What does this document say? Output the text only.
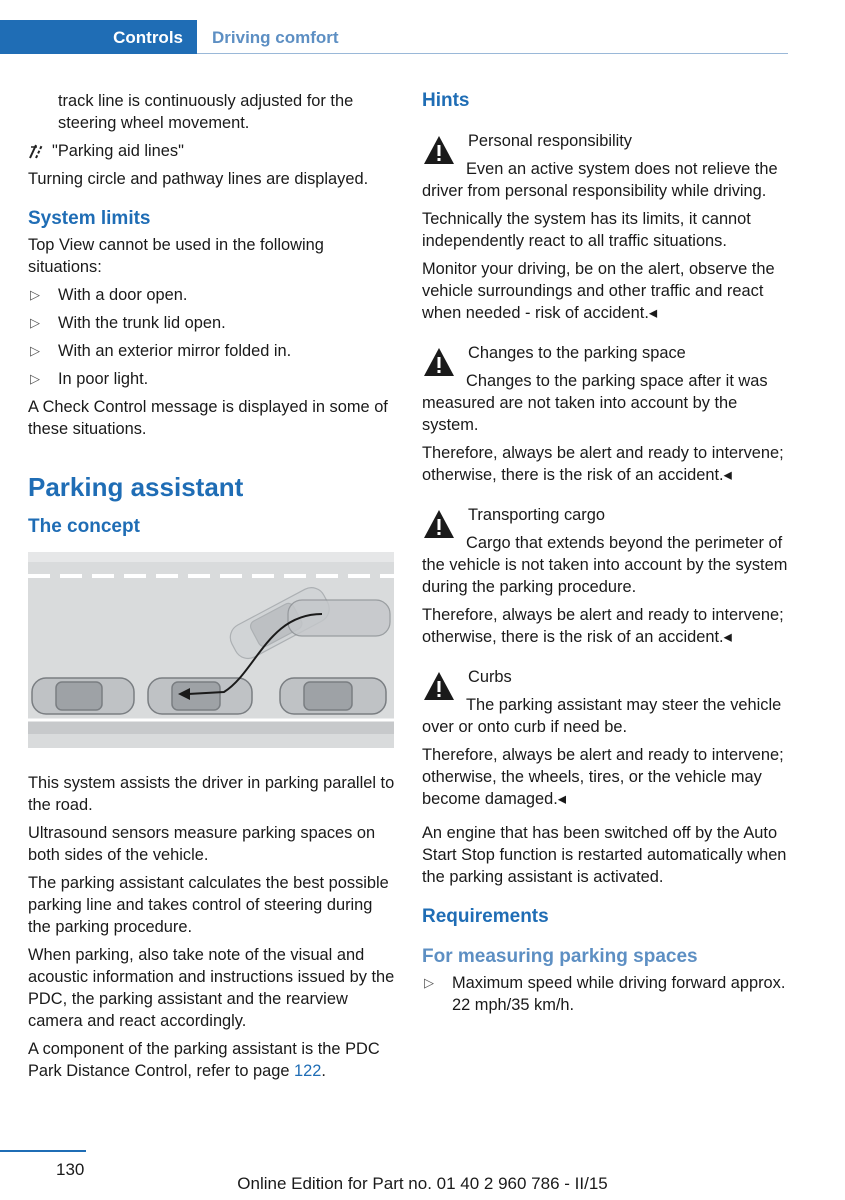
Controls Driving comfort

track line is continuously adjusted for the steering wheel movement.

"Parking aid lines"

Turning circle and pathway lines are displayed.

System limits

Top View cannot be used in the following situations:

▷ With a door open.
▷ With the trunk lid open.
▷ With an exterior mirror folded in.
▷ In poor light.

A Check Control message is displayed in some of these situations.

Parking assistant
The concept

This system assists the driver in parking parallel to the road.

Ultrasound sensors measure parking spaces on both sides of the vehicle.

The parking assistant calculates the best possible parking line and takes control of steering during the parking procedure.

When parking, also take note of the visual and acoustic information and instructions issued by the PDC, the parking assistant and the rearview camera and react accordingly.

A component of the parking assistant is the PDC Park Distance Control, refer to page 122.

Hints
Personal responsibility
Even an active system does not relieve the driver from personal responsibility while driving.

Technically the system has its limits, it cannot independently react to all traffic situations.

Monitor your driving, be on the alert, observe the vehicle surroundings and other traffic and react when needed - risk of accident.◂

Changes to the parking space
Changes to the parking space after it was measured are not taken into account by the system.

Therefore, always be alert and ready to intervene; otherwise, there is the risk of an accident.◂

Transporting cargo
Cargo that extends beyond the perimeter of the vehicle is not taken into account by the system during the parking procedure.

Therefore, always be alert and ready to intervene; otherwise, there is the risk of an accident.◂

Curbs
The parking assistant may steer the vehicle over or onto curb if need be.

Therefore, always be alert and ready to intervene; otherwise, the wheels, tires, or the vehicle may become damaged.◂

An engine that has been switched off by the Auto Start Stop function is restarted automatically when the parking assistant is activated.

Requirements
For measuring parking spaces
▷ Maximum speed while driving forward approx. 22 mph/35 km/h.
130
Online Edition for Part no. 01 40 2 960 786 - II/15
